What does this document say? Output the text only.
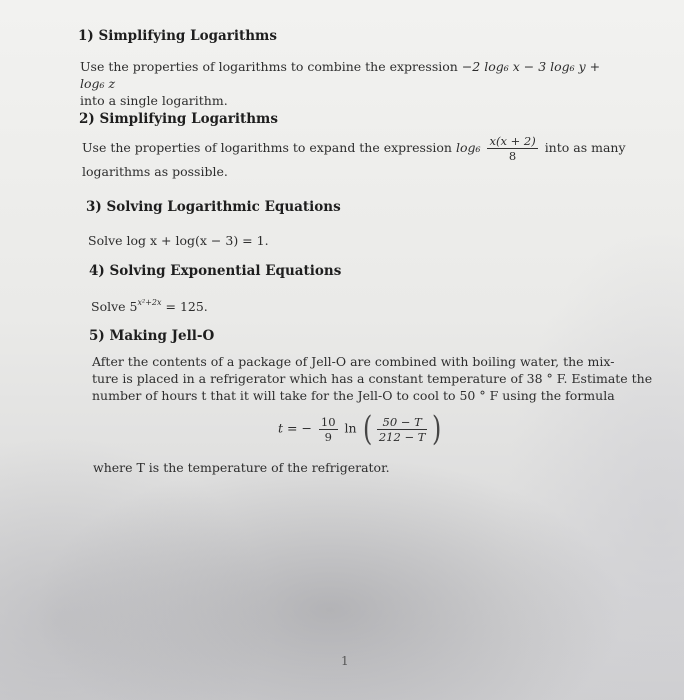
1) Simplifying Logarithms
Use the properties of logarithms to combine the expression −2 log₆ x − 3 log₆ y + log₆ z
into a single logarithm.
2) Simplifying Logarithms
Use the properties of logarithms to expand the expression $\log_6 \frac{x(x + 2)}{8}$ into as many
logarithms as possible.
3) Solving Logarithmic Equations
Solve log x + log(x − 3) = 1.
4) Solving Exponential Equations
Solve $5^{x^2+2x} = 125$.
5) Making Jell-O
After the contents of a package of Jell-O are combined with boiling water, the mix-
ture is placed in a refrigerator which has a constant temperature of 38 ° F. Estimate the
number of hours t that it will take for the Jell-O to cool to 50 ° F using the formula
t = − $\frac{10}{9}$ ln ( $\frac{50 - T}{212 - T}$ )
where T is the temperature of the refrigerator.
1
